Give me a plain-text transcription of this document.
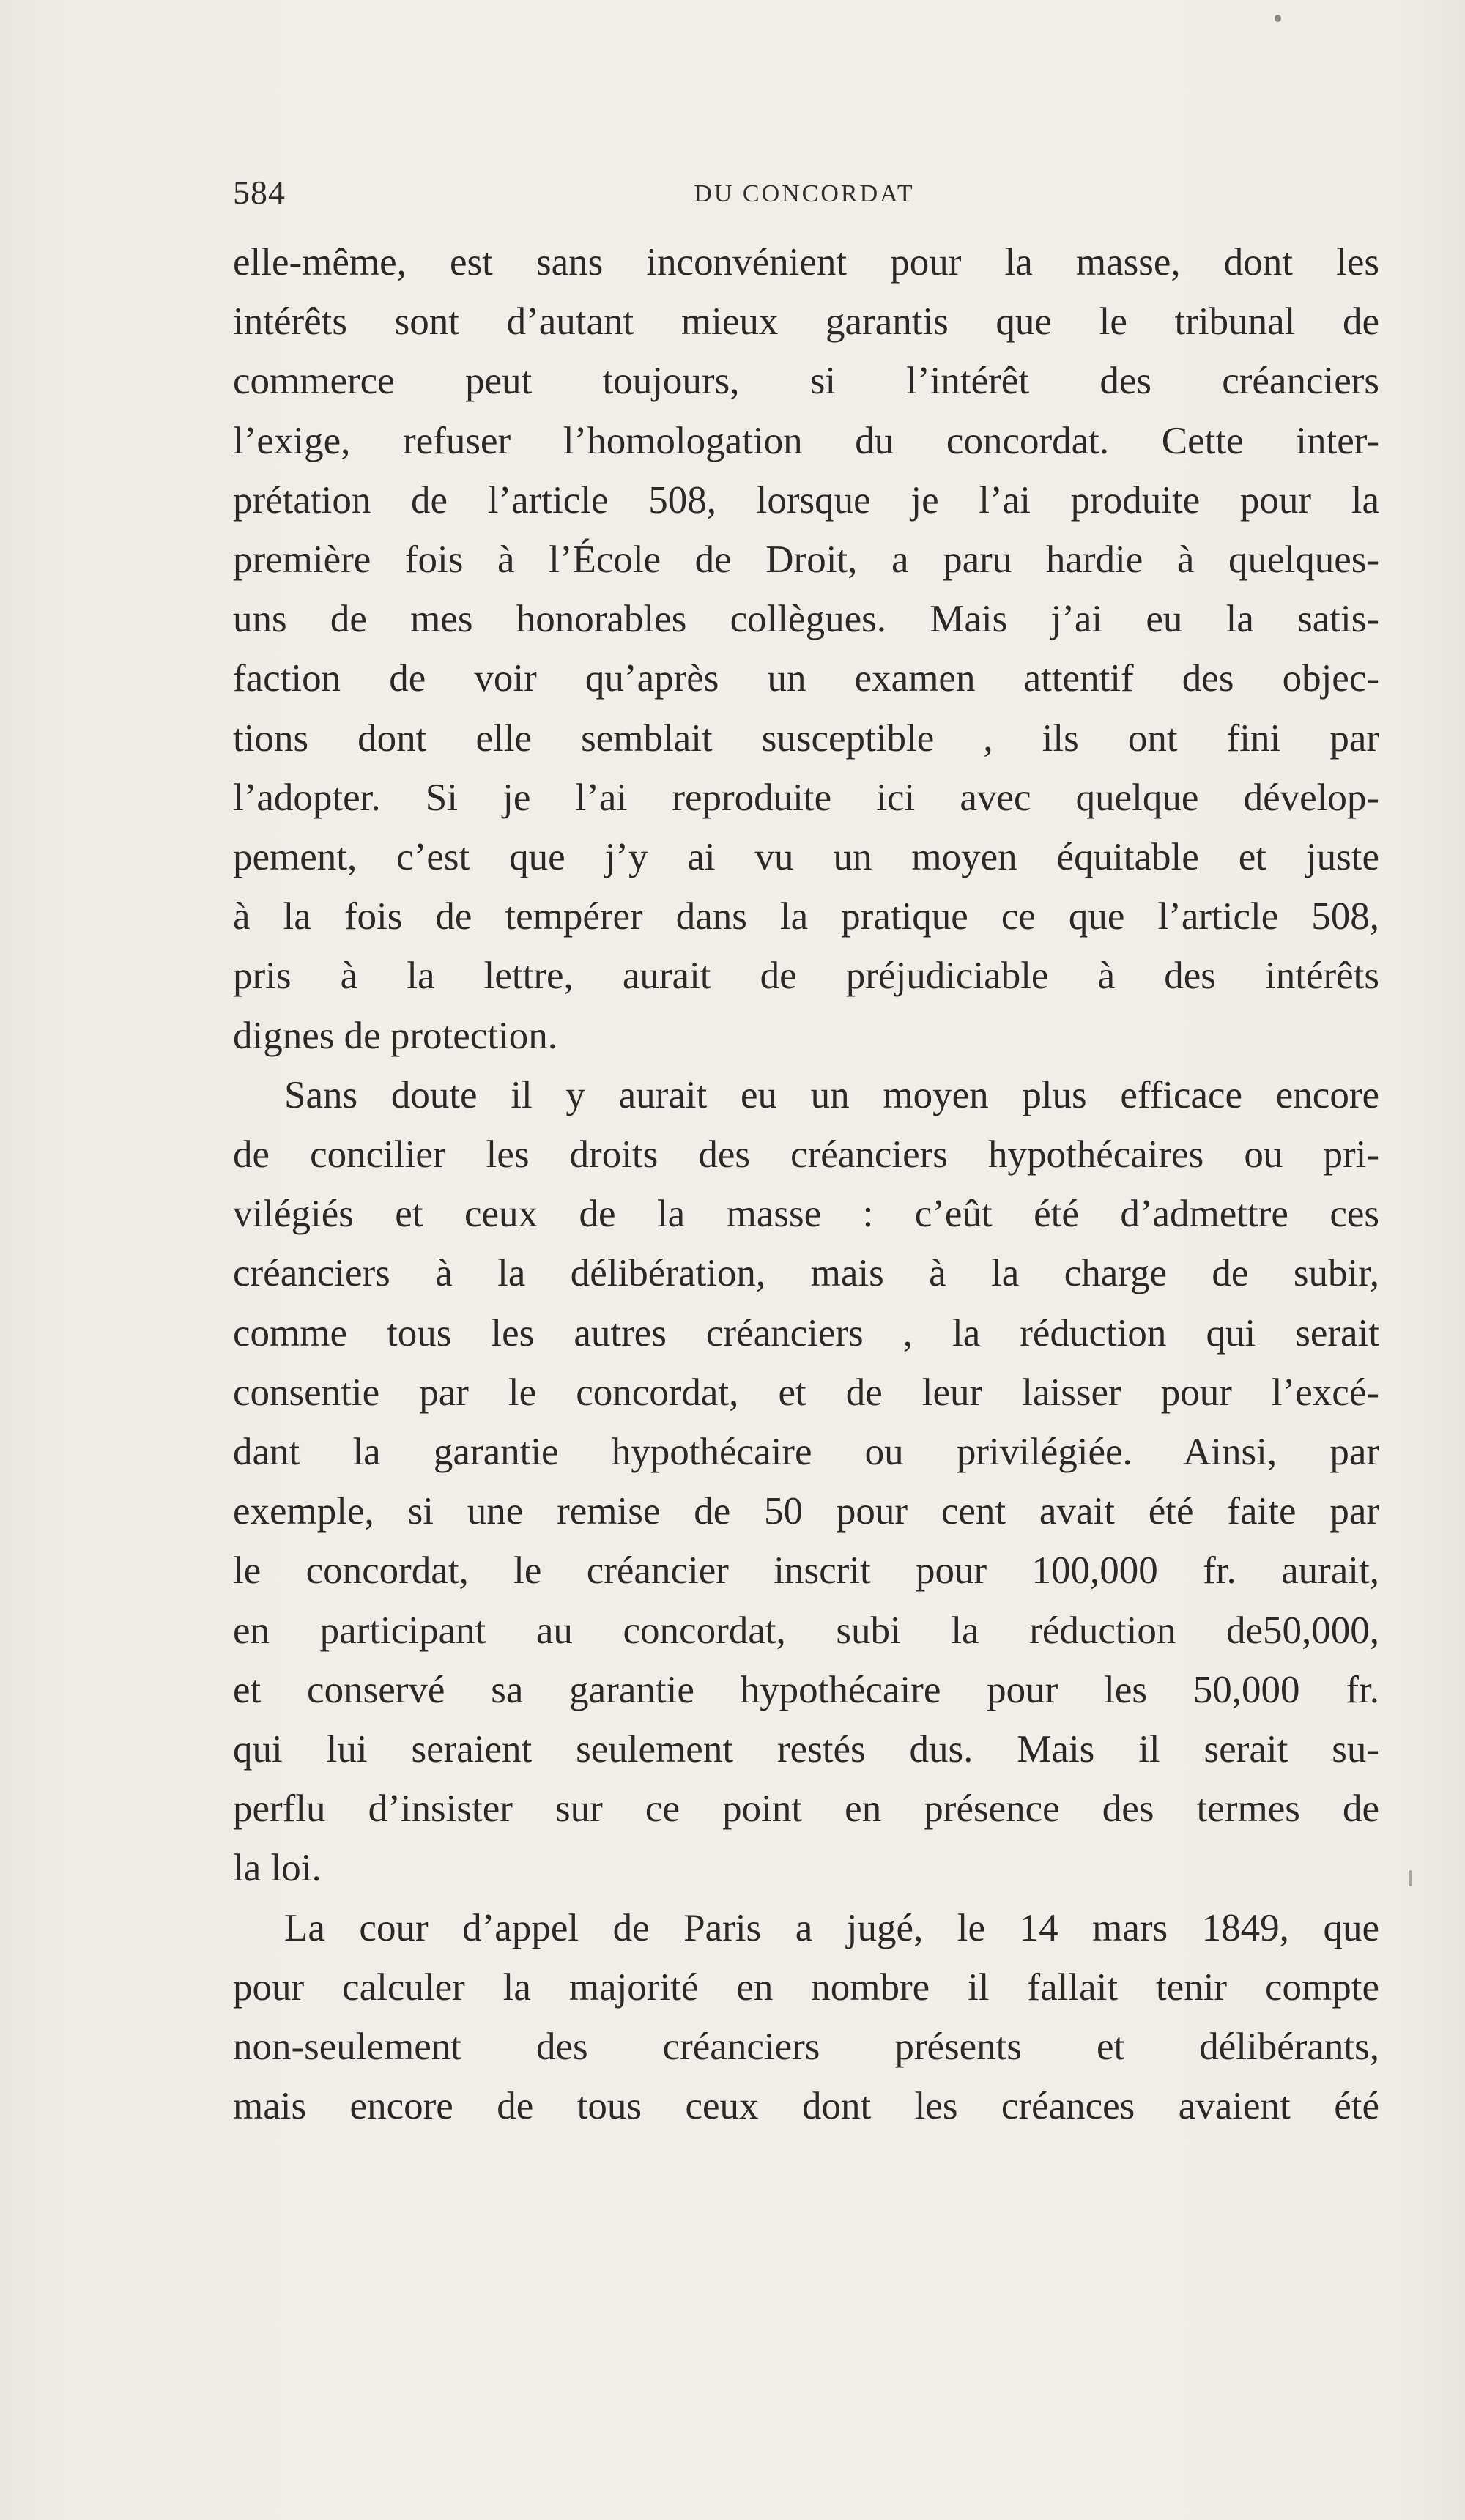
584	DU CONCORDAT
elle-même, est sans inconvénient pour la masse, dont les
intérêts sont d’autant mieux garantis que le tribunal de
commerce peut toujours, si l’intérêt des créanciers
l’exige, refuser l’homologation du concordat. Cette inter-
prétation de l’article 508, lorsque je l’ai produite pour la
première fois à l’École de Droit, a paru hardie à quelques-
uns de mes honorables collègues. Mais j’ai eu la satis-
faction de voir qu’après un examen attentif des objec-
tions dont elle semblait susceptible , ils ont fini par
l’adopter. Si je l’ai reproduite ici avec quelque dévelop-
pement, c’est que j’y ai vu un moyen équitable et juste
à la fois de tempérer dans la pratique ce que l’article 508,
pris à la lettre, aurait de préjudiciable à des intérêts
dignes de protection.
Sans doute il y aurait eu un moyen plus efficace encore
de concilier les droits des créanciers hypothécaires ou pri-
vilégiés et ceux de la masse : c’eût été d’admettre ces
créanciers à la délibération, mais à la charge de subir,
comme tous les autres créanciers , la réduction qui serait
consentie par le concordat, et de leur laisser pour l’excé-
dant la garantie hypothécaire ou privilégiée. Ainsi, par
exemple, si une remise de 50 pour cent avait été faite par
le concordat, le créancier inscrit pour 100,000 fr. aurait,
en participant au concordat, subi la réduction de50,000,
et conservé sa garantie hypothécaire pour les 50,000 fr.
qui lui seraient seulement restés dus. Mais il serait su-
perflu d’insister sur ce point en présence des termes de
la loi.
La cour d’appel de Paris a jugé, le 14 mars 1849, que
pour calculer la majorité en nombre il fallait tenir compte
non-seulement des créanciers présents et délibérants,
mais encore de tous ceux dont les créances avaient été
